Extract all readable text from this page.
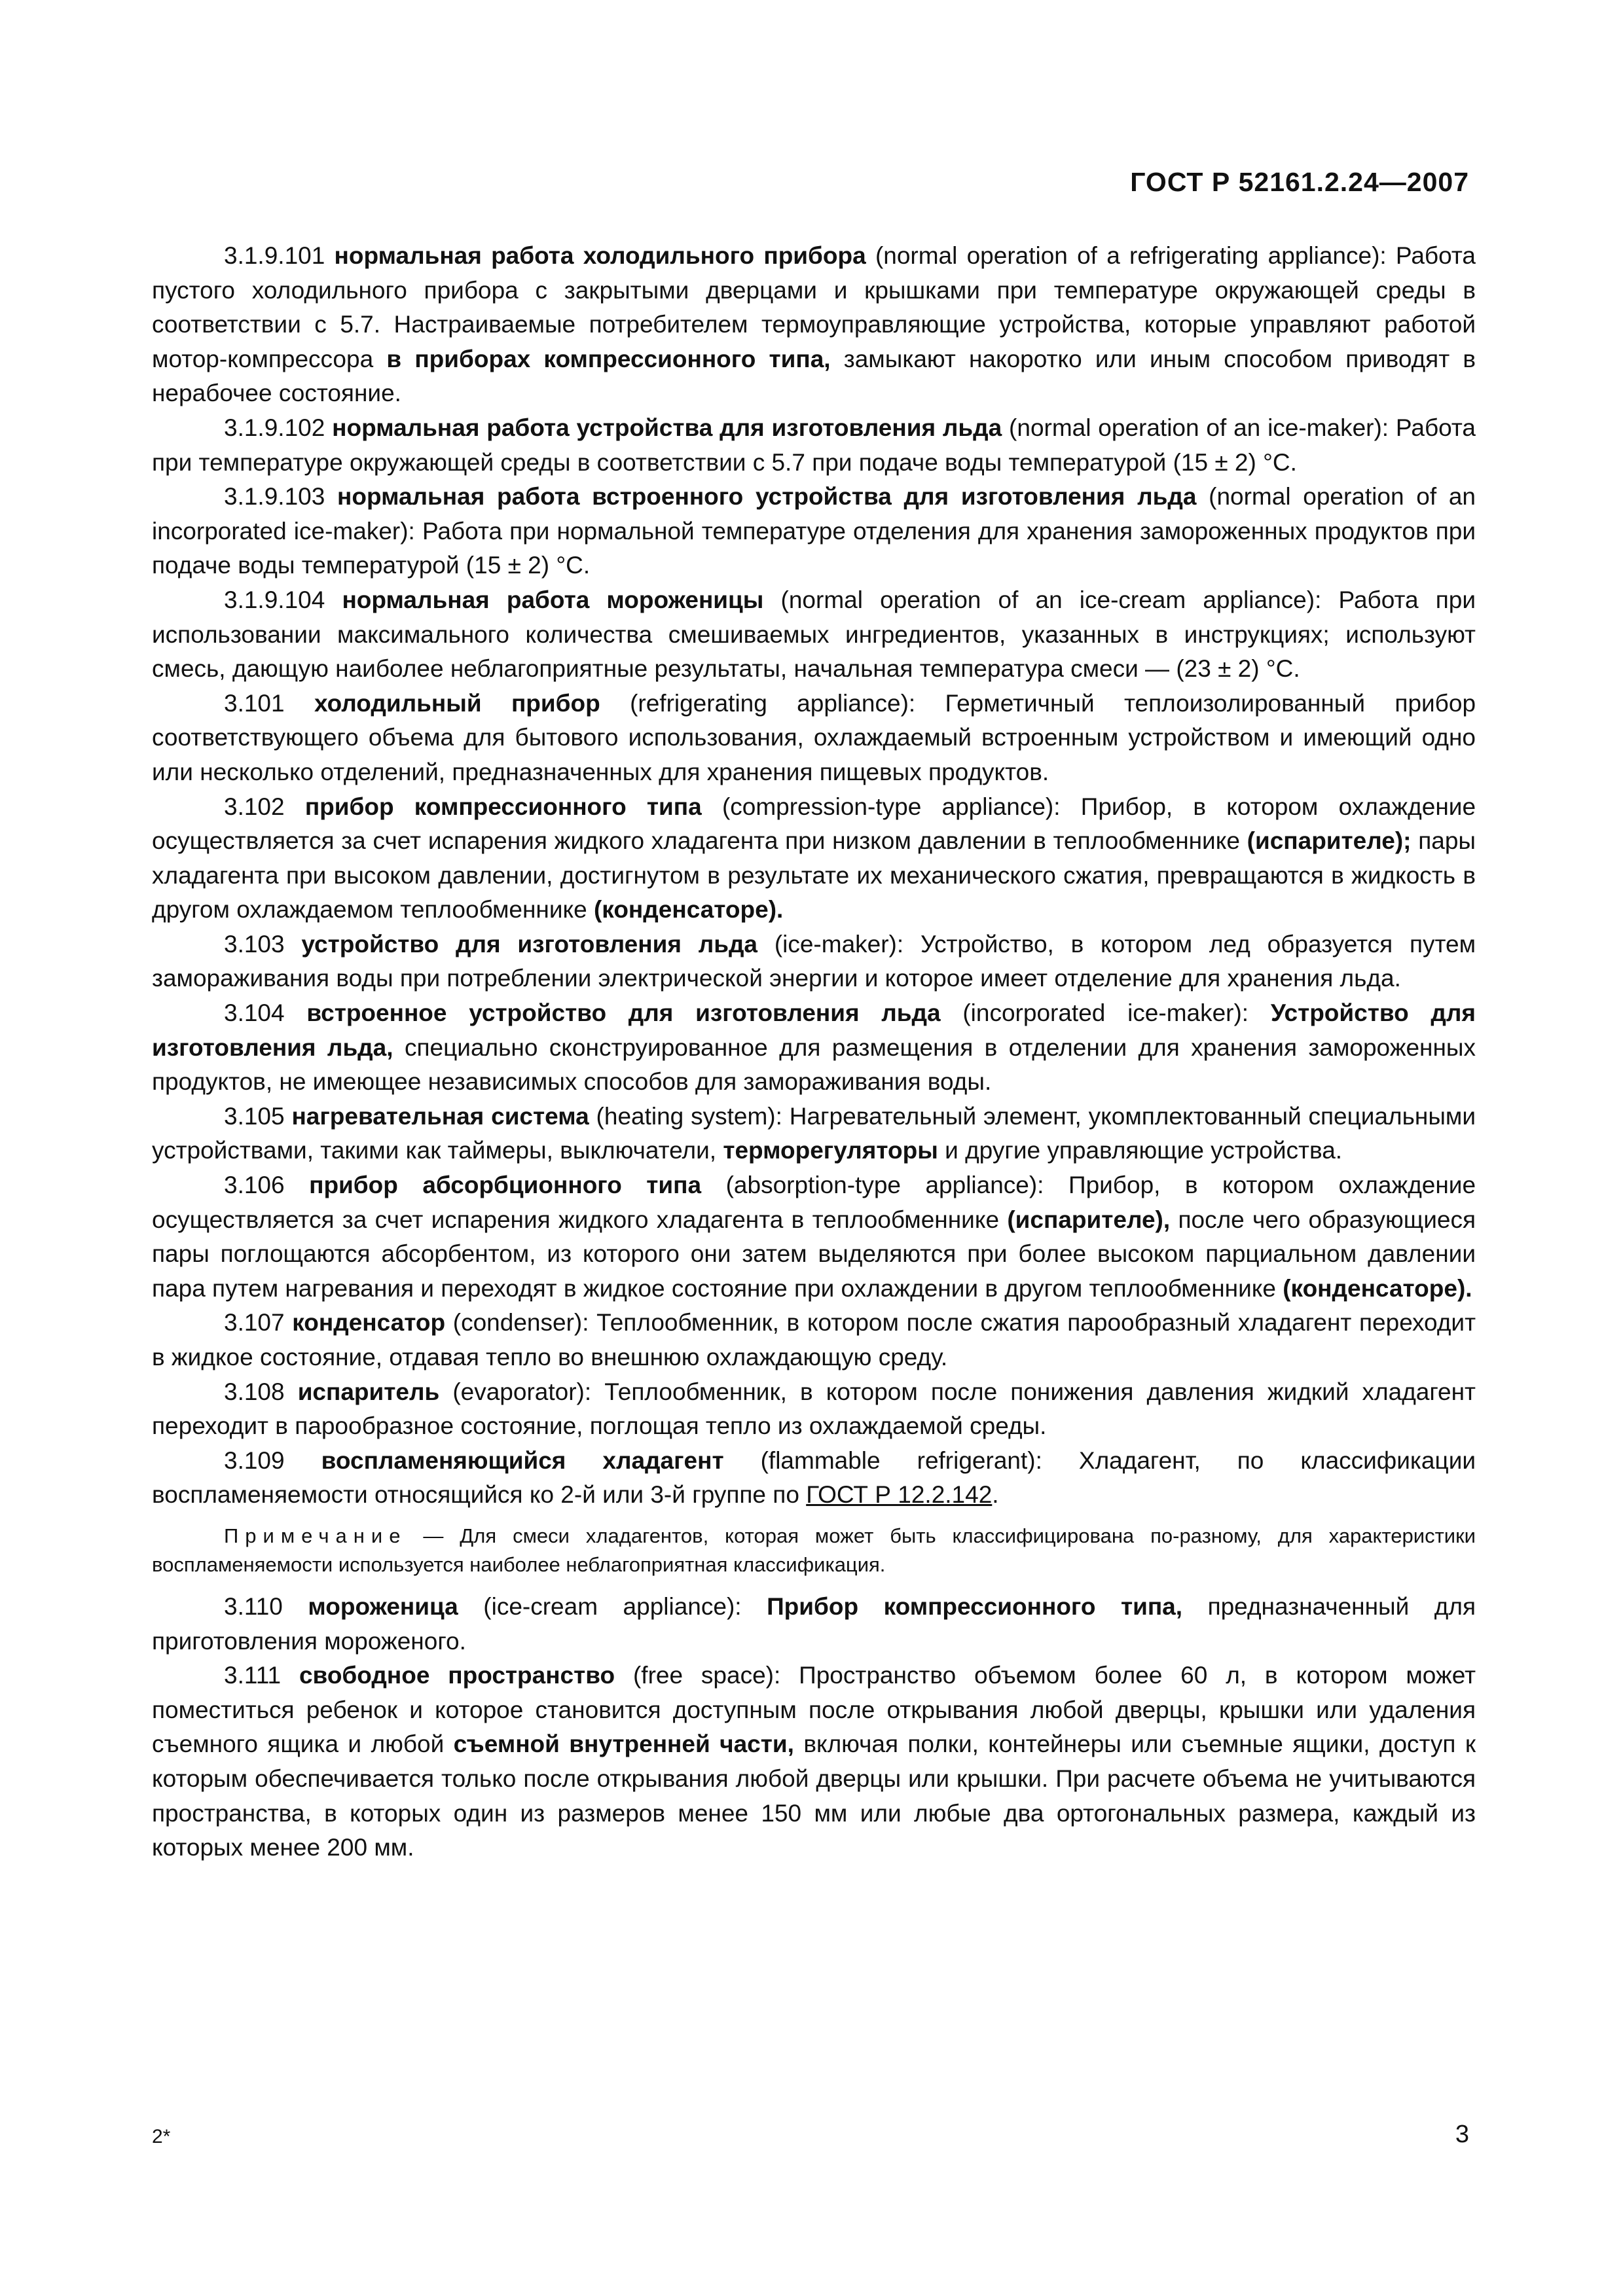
ГОСТ Р 52161.2.24—2007

3.1.9.101 нормальная работа холодильного прибора (normal operation of a refrigerating appliance): Работа пустого холодильного прибора с закрытыми дверцами и крышками при температуре окружающей среды в соответствии с 5.7. Настраиваемые потребителем термоуправляющие устройства, которые управляют работой мотор-компрессора в приборах компрессионного типа, замыкают накоротко или иным способом приводят в нерабочее состояние.

3.1.9.102 нормальная работа устройства для изготовления льда (normal operation of an ice-maker): Работа при температуре окружающей среды в соответствии с 5.7 при подаче воды температурой (15 ± 2) °С.

3.1.9.103 нормальная работа встроенного устройства для изготовления льда (normal operation of an incorporated ice-maker): Работа при нормальной температуре отделения для хранения замороженных продуктов при подаче воды температурой (15 ± 2) °С.

3.1.9.104 нормальная работа мороженицы (normal operation of an ice-cream appliance): Работа при использовании максимального количества смешиваемых ингредиентов, указанных в инструкциях; используют смесь, дающую наиболее неблагоприятные результаты, начальная температура смеси — (23 ± 2) °С.

3.101 холодильный прибор (refrigerating appliance): Герметичный теплоизолированный прибор соответствующего объема для бытового использования, охлаждаемый встроенным устройством и имеющий одно или несколько отделений, предназначенных для хранения пищевых продуктов.

3.102 прибор компрессионного типа (compression-type appliance): Прибор, в котором охлаждение осуществляется за счет испарения жидкого хладагента при низком давлении в теплообменнике (испарителе); пары хладагента при высоком давлении, достигнутом в результате их механического сжатия, превращаются в жидкость в другом охлаждаемом теплообменнике (конденсаторе).

3.103 устройство для изготовления льда (ice-maker): Устройство, в котором лед образуется путем замораживания воды при потреблении электрической энергии и которое имеет отделение для хранения льда.

3.104 встроенное устройство для изготовления льда (incorporated ice-maker): Устройство для изготовления льда, специально сконструированное для размещения в отделении для хранения замороженных продуктов, не имеющее независимых способов для замораживания воды.

3.105 нагревательная система (heating system): Нагревательный элемент, укомплектованный специальными устройствами, такими как таймеры, выключатели, терморегуляторы и другие управляющие устройства.

3.106 прибор абсорбционного типа (absorption-type appliance): Прибор, в котором охлаждение осуществляется за счет испарения жидкого хладагента в теплообменнике (испарителе), после чего образующиеся пары поглощаются абсорбентом, из которого они затем выделяются при более высоком парциальном давлении пара путем нагревания и переходят в жидкое состояние при охлаждении в другом теплообменнике (конденсаторе).

3.107 конденсатор (condenser): Теплообменник, в котором после сжатия парообразный хладагент переходит в жидкое состояние, отдавая тепло во внешнюю охлаждающую среду.

3.108 испаритель (evaporator): Теплообменник, в котором после понижения давления жидкий хладагент переходит в парообразное состояние, поглощая тепло из охлаждаемой среды.

3.109 воспламеняющийся хладагент (flammable refrigerant): Хладагент, по классификации воспламеняемости относящийся ко 2-й или 3-й группе по ГОСТ Р 12.2.142.

Примечание — Для смеси хладагентов, которая может быть классифицирована по-разному, для характеристики воспламеняемости используется наиболее неблагоприятная классификация.

3.110 мороженица (ice-cream appliance): Прибор компрессионного типа, предназначенный для приготовления мороженого.

3.111 свободное пространство (free space): Пространство объемом более 60 л, в котором может поместиться ребенок и которое становится доступным после открывания любой дверцы, крышки или удаления съемного ящика и любой съемной внутренней части, включая полки, контейнеры или съемные ящики, доступ к которым обеспечивается только после открывания любой дверцы или крышки. При расчете объема не учитываются пространства, в которых один из размеров менее 150 мм или любые два ортогональных размера, каждый из которых менее 200 мм.

2*	3
